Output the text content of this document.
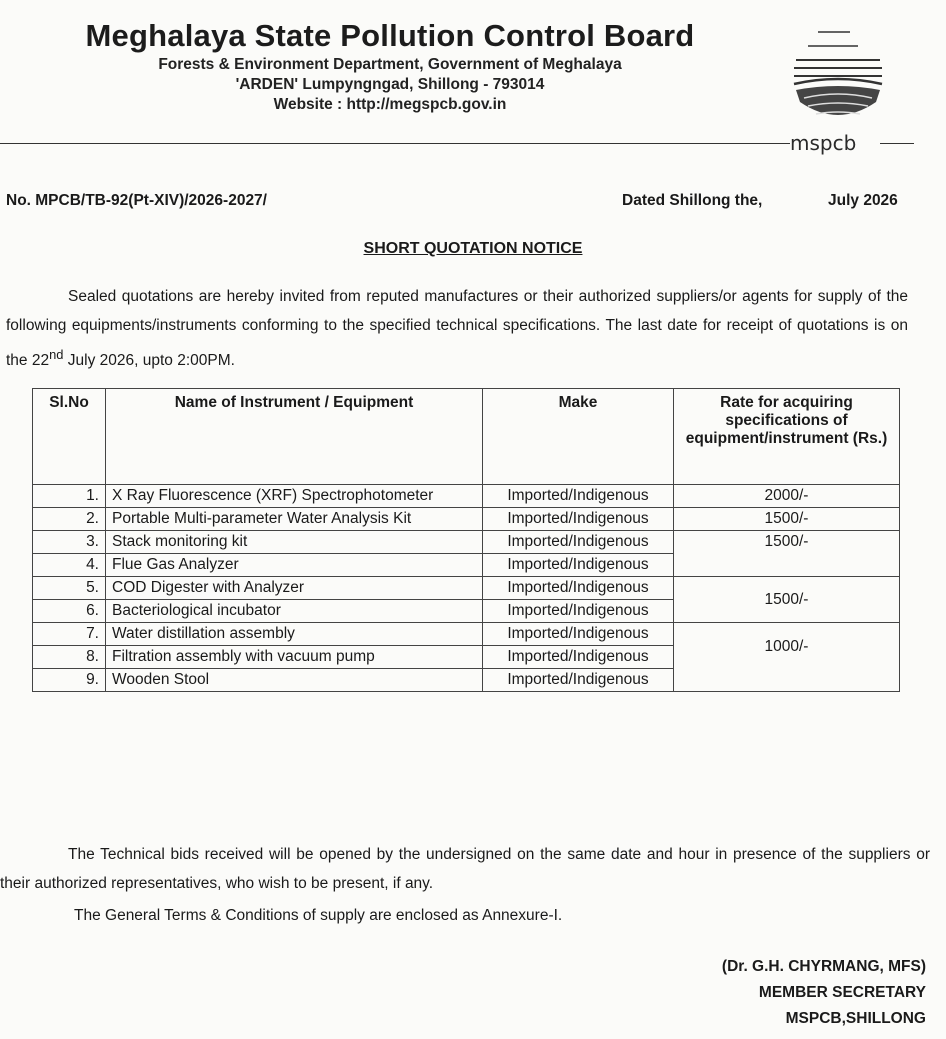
Meghalaya State Pollution Control Board
Forests & Environment Department, Government of Meghalaya
'ARDEN' Lumpyngngad, Shillong - 793014
Website : http://megspcb.gov.in
mspcb
No. MPCB/TB-92(Pt-XIV)/2026-2027/	Dated Shillong the,	July 2026
SHORT QUOTATION NOTICE
Sealed quotations are hereby invited from reputed manufactures or their authorized suppliers/or agents for supply of the following equipments/instruments conforming to the specified technical specifications. The last date for receipt of quotations is on the 22nd July 2026, upto 2:00PM.
Sl.No	Name of Instrument / Equipment	Make	Rate for acquiring specifications of equipment/instrument (Rs.)
1.	X Ray Fluorescence (XRF) Spectrophotometer	Imported/Indigenous	2000/-
2.	Portable Multi-parameter Water Analysis Kit	Imported/Indigenous	1500/-
3.	Stack monitoring kit	Imported/Indigenous	1500/-
4.	Flue Gas Analyzer	Imported/Indigenous	
5.	COD Digester with Analyzer	Imported/Indigenous	1500/-
6.	Bacteriological incubator	Imported/Indigenous	
7.	Water distillation assembly	Imported/Indigenous	1000/-
8.	Filtration assembly with vacuum pump	Imported/Indigenous	
9.	Wooden Stool	Imported/Indigenous	
The Technical bids received will be opened by the undersigned on the same date and hour in presence of the suppliers or their authorized representatives, who wish to be present, if any.
The General Terms & Conditions of supply are enclosed as Annexure-I.
(Dr. G.H. CHYRMANG, MFS)
MEMBER SECRETARY
MSPCB,SHILLONG
